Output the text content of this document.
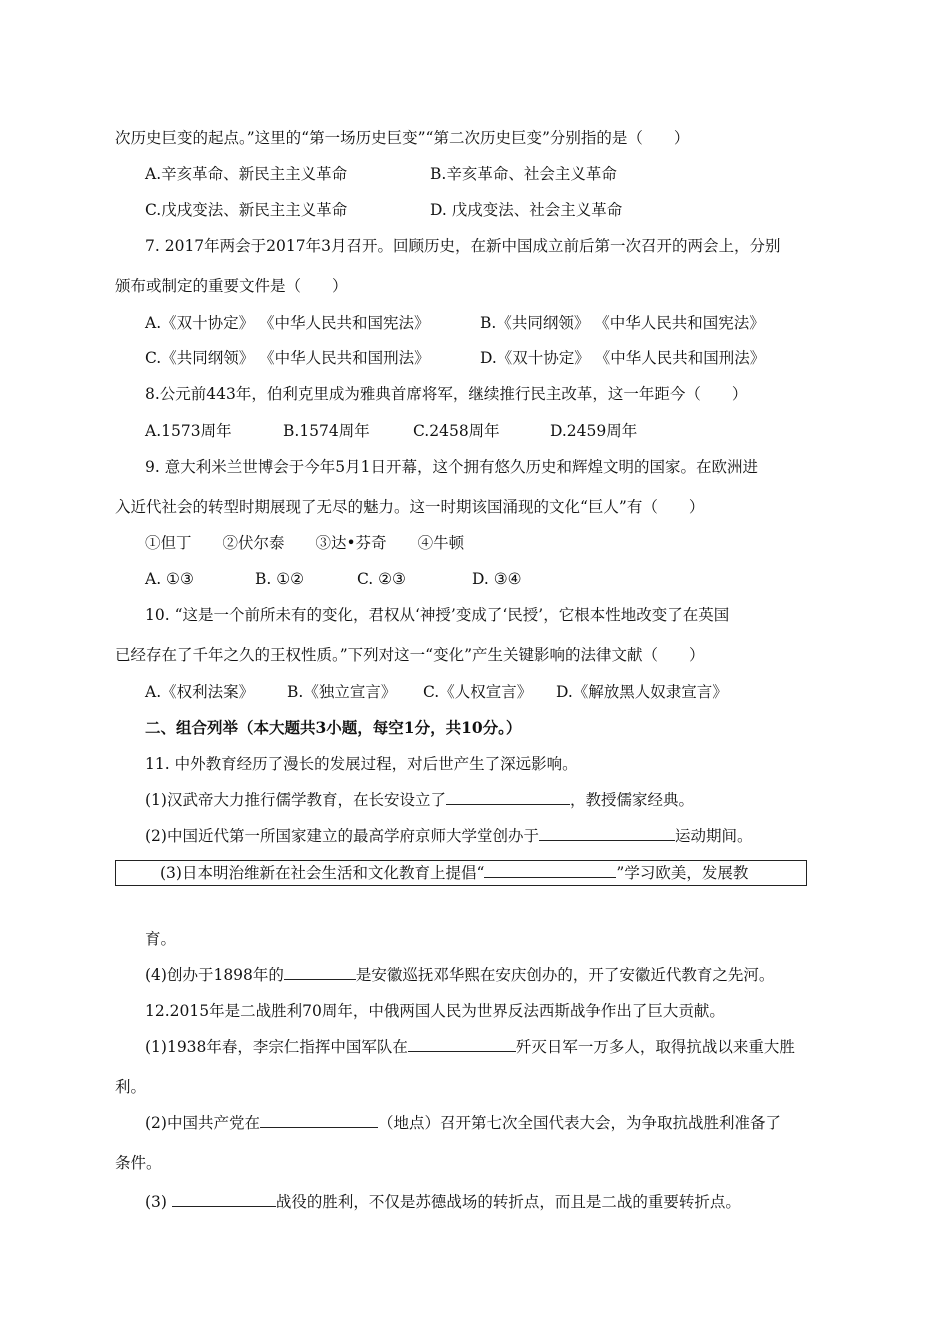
次历史巨变的起点。”这里的“第一场历史巨变”“第二次历史巨变”分别指的是（　　）
A.辛亥革命、新民主主义革命	B.辛亥革命、社会主义革命
C.戊戌变法、新民主主义革命	D. 戊戌变法、社会主义革命
7. 2017年两会于2017年3月召开。回顾历史，在新中国成立前后第一次召开的两会上，分别
颁布或制定的重要文件是（　　）
A.《双十协定》 《中华人民共和国宪法》	B.《共同纲领》 《中华人民共和国宪法》
C.《共同纲领》 《中华人民共和国刑法》	D.《双十协定》 《中华人民共和国刑法》
8.公元前443年，伯利克里成为雅典首席将军，继续推行民主改革，这一年距今（　　）
A.1573周年	B.1574周年	C.2458周年	D.2459周年
9. 意大利米兰世博会于今年5月1日开幕，这个拥有悠久历史和辉煌文明的国家。在欧洲进
入近代社会的转型时期展现了无尽的魅力。这一时期该国涌现的文化“巨人”有（　　）
①但丁　　②伏尔泰　　③达•芬奇　　④牛顿
A. ①③	B. ①②	C. ②③	D. ③④
10. “这是一个前所未有的变化，君权从‘神授’变成了‘民授’，它根本性地改变了在英国
已经存在了千年之久的王权性质。”下列对这一“变化”产生关键影响的法律文献（　　）
A.《权利法案》 B.《独立宣言》 C.《人权宣言》 D.《解放黑人奴隶宣言》
二、组合列举（本大题共3小题，每空1分，共10分。）
11. 中外教育经历了漫长的发展过程，对后世产生了深远影响。
(1)汉武帝大力推行儒学教育，在长安设立了	，教授儒家经典。
(2)中国近代第一所国家建立的最高学府京师大学堂创办于	运动期间。
(3)日本明治维新在社会生活和文化教育上提倡“	”学习欧美，发展教
育。
(4)创办于1898年的	是安徽巡抚邓华熙在安庆创办的，开了安徽近代教育之先河。
12.2015年是二战胜利70周年，中俄两国人民为世界反法西斯战争作出了巨大贡献。
(1)1938年春，李宗仁指挥中国军队在	歼灭日军一万多人，取得抗战以来重大胜
利。
(2)中国共产党在	（地点）召开第七次全国代表大会，为争取抗战胜利准备了
条件。
(3)	战役的胜利，不仅是苏德战场的转折点，而且是二战的重要转折点。
